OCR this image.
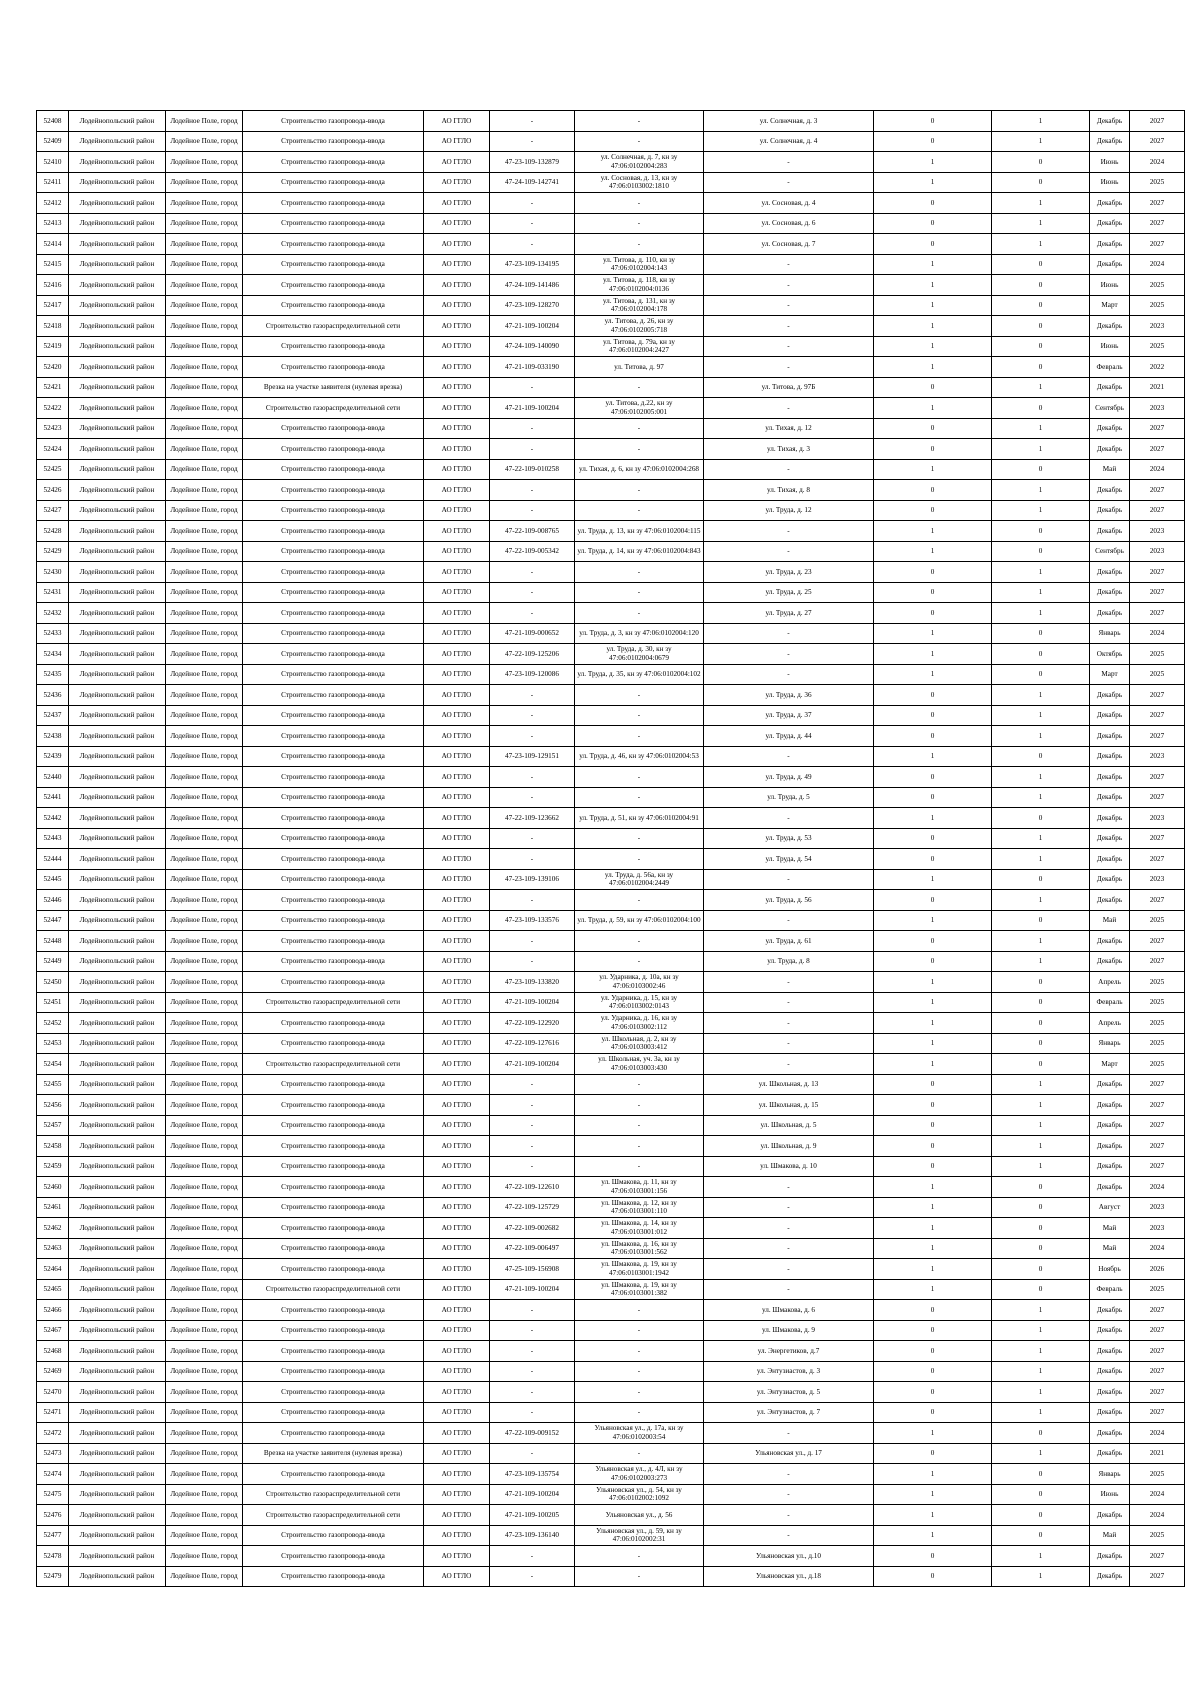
52408	Лодейнопольский район	Лодейное Поле, город	Строительство газопровода-ввода	АО ГГЛО	-	-	ул. Солнечная, д. 3	0	1	Декабрь	2027
52409	Лодейнопольский район	Лодейное Поле, город	Строительство газопровода-ввода	АО ГГЛО	-	-	ул. Солнечная, д. 4	0	1	Декабрь	2027
52410	Лодейнопольский район	Лодейное Поле, город	Строительство газопровода-ввода	АО ГГЛО	47-23-109-132879	ул. Солнечная, д. 7, кн зу 47:06:0102004:283	-	1	0	Июнь	2024
52411	Лодейнопольский район	Лодейное Поле, город	Строительство газопровода-ввода	АО ГГЛО	47-24-109-142741	ул. Сосновая, д. 13, кн зу 47:06:0103002:1810	-	1	0	Июнь	2025
52412	Лодейнопольский район	Лодейное Поле, город	Строительство газопровода-ввода	АО ГГЛО	-	-	ул. Сосновая, д. 4	0	1	Декабрь	2027
52413	Лодейнопольский район	Лодейное Поле, город	Строительство газопровода-ввода	АО ГГЛО	-	-	ул. Сосновая, д. 6	0	1	Декабрь	2027
52414	Лодейнопольский район	Лодейное Поле, город	Строительство газопровода-ввода	АО ГГЛО	-	-	ул. Сосновая, д. 7	0	1	Декабрь	2027
52415	Лодейнопольский район	Лодейное Поле, город	Строительство газопровода-ввода	АО ГГЛО	47-23-109-134195	ул. Титова, д. 110, кн зу 47:06:0102004:143	-	1	0	Декабрь	2024
52416	Лодейнопольский район	Лодейное Поле, город	Строительство газопровода-ввода	АО ГГЛО	47-24-109-141486	ул. Титова, д. 118, кн зу 47:06:0102004:0136	-	1	0	Июнь	2025
52417	Лодейнопольский район	Лодейное Поле, город	Строительство газопровода-ввода	АО ГГЛО	47-23-109-128270	ул. Титова, д. 131, кн зу 47:06:0102004:178	-	1	0	Март	2025
52418	Лодейнопольский район	Лодейное Поле, город	Строительство газораспределительной сети	АО ГГЛО	47-21-109-100204	ул. Титова, д. 26, кн зу 47:06:0102005:718	-	1	0	Декабрь	2023
52419	Лодейнопольский район	Лодейное Поле, город	Строительство газопровода-ввода	АО ГГЛО	47-24-109-140090	ул. Титова, д. 79а, кн зу 47:06:0102004:2427	-	1	0	Июнь	2025
52420	Лодейнопольский район	Лодейное Поле, город	Строительство газопровода-ввода	АО ГГЛО	47-21-109-033190	ул. Титова, д. 97	-	1	0	Февраль	2022
52421	Лодейнопольский район	Лодейное Поле, город	Врезка на участке заявителя (нулевая врезка)	АО ГГЛО	-	-	ул. Титова, д. 97Б	0	1	Декабрь	2021
52422	Лодейнопольский район	Лодейное Поле, город	Строительство газораспределительной сети	АО ГГЛО	47-21-109-100204	ул. Титова, д.22, кн зу 47:06:0102005:001	-	1	0	Сентябрь	2023
52423	Лодейнопольский район	Лодейное Поле, город	Строительство газопровода-ввода	АО ГГЛО	-	-	ул. Тихая, д. 12	0	1	Декабрь	2027
52424	Лодейнопольский район	Лодейное Поле, город	Строительство газопровода-ввода	АО ГГЛО	-	-	ул. Тихая, д. 3	0	1	Декабрь	2027
52425	Лодейнопольский район	Лодейное Поле, город	Строительство газопровода-ввода	АО ГГЛО	47-22-109-010258	ул. Тихая, д. 6, кн зу 47:06:0102004:268	-	1	0	Май	2024
52426	Лодейнопольский район	Лодейное Поле, город	Строительство газопровода-ввода	АО ГГЛО	-	-	ул. Тихая, д. 8	0	1	Декабрь	2027
52427	Лодейнопольский район	Лодейное Поле, город	Строительство газопровода-ввода	АО ГГЛО	-	-	ул. Труда, д. 12	0	1	Декабрь	2027
52428	Лодейнопольский район	Лодейное Поле, город	Строительство газопровода-ввода	АО ГГЛО	47-22-109-008765	ул. Труда, д. 13, кн зу 47:06:0102004:115	-	1	0	Декабрь	2023
52429	Лодейнопольский район	Лодейное Поле, город	Строительство газопровода-ввода	АО ГГЛО	47-22-109-005342	ул. Труда, д. 14, кн зу 47:06:0102004:843	-	1	0	Сентябрь	2023
52430	Лодейнопольский район	Лодейное Поле, город	Строительство газопровода-ввода	АО ГГЛО	-	-	ул. Труда, д. 23	0	1	Декабрь	2027
52431	Лодейнопольский район	Лодейное Поле, город	Строительство газопровода-ввода	АО ГГЛО	-	-	ул. Труда, д. 25	0	1	Декабрь	2027
52432	Лодейнопольский район	Лодейное Поле, город	Строительство газопровода-ввода	АО ГГЛО	-	-	ул. Труда, д. 27	0	1	Декабрь	2027
52433	Лодейнопольский район	Лодейное Поле, город	Строительство газопровода-ввода	АО ГГЛО	47-21-109-000652	ул. Труда, д. 3, кн зу 47:06:0102004:120	-	1	0	Январь	2024
52434	Лодейнопольский район	Лодейное Поле, город	Строительство газопровода-ввода	АО ГГЛО	47-22-109-125206	ул. Труда, д. 30, кн зу 47:06:0102004:0679	-	1	0	Октябрь	2025
52435	Лодейнопольский район	Лодейное Поле, город	Строительство газопровода-ввода	АО ГГЛО	47-23-109-120086	ул. Труда, д. 35, кн зу 47:06:0102004:102	-	1	0	Март	2025
52436	Лодейнопольский район	Лодейное Поле, город	Строительство газопровода-ввода	АО ГГЛО	-	-	ул. Труда, д. 36	0	1	Декабрь	2027
52437	Лодейнопольский район	Лодейное Поле, город	Строительство газопровода-ввода	АО ГГЛО	-	-	ул. Труда, д. 37	0	1	Декабрь	2027
52438	Лодейнопольский район	Лодейное Поле, город	Строительство газопровода-ввода	АО ГГЛО	-	-	ул. Труда, д. 44	0	1	Декабрь	2027
52439	Лодейнопольский район	Лодейное Поле, город	Строительство газопровода-ввода	АО ГГЛО	47-23-109-129151	ул. Труда, д. 46, кн зу 47:06:0102004:53	-	1	0	Декабрь	2023
52440	Лодейнопольский район	Лодейное Поле, город	Строительство газопровода-ввода	АО ГГЛО	-	-	ул. Труда, д. 49	0	1	Декабрь	2027
52441	Лодейнопольский район	Лодейное Поле, город	Строительство газопровода-ввода	АО ГГЛО	-	-	ул. Труда, д. 5	0	1	Декабрь	2027
52442	Лодейнопольский район	Лодейное Поле, город	Строительство газопровода-ввода	АО ГГЛО	47-22-109-123662	ул. Труда, д. 51, кн зу 47:06:0102004:91	-	1	0	Декабрь	2023
52443	Лодейнопольский район	Лодейное Поле, город	Строительство газопровода-ввода	АО ГГЛО	-	-	ул. Труда, д. 53	0	1	Декабрь	2027
52444	Лодейнопольский район	Лодейное Поле, город	Строительство газопровода-ввода	АО ГГЛО	-	-	ул. Труда, д. 54	0	1	Декабрь	2027
52445	Лодейнопольский район	Лодейное Поле, город	Строительство газопровода-ввода	АО ГГЛО	47-23-109-139106	ул. Труда, д. 56а, кн зу 47:06:0102004:2449	-	1	0	Декабрь	2023
52446	Лодейнопольский район	Лодейное Поле, город	Строительство газопровода-ввода	АО ГГЛО	-	-	ул. Труда, д. 56	0	1	Декабрь	2027
52447	Лодейнопольский район	Лодейное Поле, город	Строительство газопровода-ввода	АО ГГЛО	47-23-109-133576	ул. Труда, д. 59, кн зу 47:06:0102004:100	-	1	0	Май	2025
52448	Лодейнопольский район	Лодейное Поле, город	Строительство газопровода-ввода	АО ГГЛО	-	-	ул. Труда, д. 61	0	1	Декабрь	2027
52449	Лодейнопольский район	Лодейное Поле, город	Строительство газопровода-ввода	АО ГГЛО	-	-	ул. Труда, д. 8	0	1	Декабрь	2027
52450	Лодейнопольский район	Лодейное Поле, город	Строительство газопровода-ввода	АО ГГЛО	47-23-109-133820	ул. Ударника, д. 10а, кн зу 47:06:0103002:46	-	1	0	Апрель	2025
52451	Лодейнопольский район	Лодейное Поле, город	Строительство газораспределительной сети	АО ГГЛО	47-21-109-100204	ул. Ударника, д. 15, кн зу 47:06:0103002:0143	-	1	0	Февраль	2025
52452	Лодейнопольский район	Лодейное Поле, город	Строительство газопровода-ввода	АО ГГЛО	47-22-109-122920	ул. Ударника, д. 16, кн зу 47:06:0103002:112	-	1	0	Апрель	2025
52453	Лодейнопольский район	Лодейное Поле, город	Строительство газопровода-ввода	АО ГГЛО	47-22-109-127616	ул. Школьная, д. 2, кн зу 47:06:0103003:412	-	1	0	Январь	2025
52454	Лодейнопольский район	Лодейное Поле, город	Строительство газораспределительной сети	АО ГГЛО	47-21-109-100204	ул. Школьная, уч. 3а, кн зу 47:06:0103003:430	-	1	0	Март	2025
52455	Лодейнопольский район	Лодейное Поле, город	Строительство газопровода-ввода	АО ГГЛО	-	-	ул. Школьная, д. 13	0	1	Декабрь	2027
52456	Лодейнопольский район	Лодейное Поле, город	Строительство газопровода-ввода	АО ГГЛО	-	-	ул. Школьная, д. 15	0	1	Декабрь	2027
52457	Лодейнопольский район	Лодейное Поле, город	Строительство газопровода-ввода	АО ГГЛО	-	-	ул. Школьная, д. 5	0	1	Декабрь	2027
52458	Лодейнопольский район	Лодейное Поле, город	Строительство газопровода-ввода	АО ГГЛО	-	-	ул. Школьная, д. 9	0	1	Декабрь	2027
52459	Лодейнопольский район	Лодейное Поле, город	Строительство газопровода-ввода	АО ГГЛО	-	-	ул. Шмакова, д. 10	0	1	Декабрь	2027
52460	Лодейнопольский район	Лодейное Поле, город	Строительство газопровода-ввода	АО ГГЛО	47-22-109-122610	ул. Шмакова, д. 11, кн зу 47:06:0103001:156	-	1	0	Декабрь	2024
52461	Лодейнопольский район	Лодейное Поле, город	Строительство газопровода-ввода	АО ГГЛО	47-22-109-125729	ул. Шмакова, д. 12, кн зу 47:06:0103001:110	-	1	0	Август	2023
52462	Лодейнопольский район	Лодейное Поле, город	Строительство газопровода-ввода	АО ГГЛО	47-22-109-002682	ул. Шмакова, д. 14, кн зу 47:06:0103001:012	-	1	0	Май	2023
52463	Лодейнопольский район	Лодейное Поле, город	Строительство газопровода-ввода	АО ГГЛО	47-22-109-006497	ул. Шмакова, д. 16, кн зу 47:06:0103001:562	-	1	0	Май	2024
52464	Лодейнопольский район	Лодейное Поле, город	Строительство газопровода-ввода	АО ГГЛО	47-25-109-156908	ул. Шмакова, д. 19, кн зу 47:06:0103001:1942	-	1	0	Ноябрь	2026
52465	Лодейнопольский район	Лодейное Поле, город	Строительство газораспределительной сети	АО ГГЛО	47-21-109-100204	ул. Шмакова, д. 19, кн зу 47:06:0103001:382	-	1	0	Февраль	2025
52466	Лодейнопольский район	Лодейное Поле, город	Строительство газопровода-ввода	АО ГГЛО	-	-	ул. Шмакова, д. 6	0	1	Декабрь	2027
52467	Лодейнопольский район	Лодейное Поле, город	Строительство газопровода-ввода	АО ГГЛО	-	-	ул. Шмакова, д. 9	0	1	Декабрь	2027
52468	Лодейнопольский район	Лодейное Поле, город	Строительство газопровода-ввода	АО ГГЛО	-	-	ул. Энергетиков, д.7	0	1	Декабрь	2027
52469	Лодейнопольский район	Лодейное Поле, город	Строительство газопровода-ввода	АО ГГЛО	-	-	ул. Энтузиастов, д. 3	0	1	Декабрь	2027
52470	Лодейнопольский район	Лодейное Поле, город	Строительство газопровода-ввода	АО ГГЛО	-	-	ул. Энтузиастов, д. 5	0	1	Декабрь	2027
52471	Лодейнопольский район	Лодейное Поле, город	Строительство газопровода-ввода	АО ГГЛО	-	-	ул. Энтузиастов, д. 7	0	1	Декабрь	2027
52472	Лодейнопольский район	Лодейное Поле, город	Строительство газопровода-ввода	АО ГГЛО	47-22-109-009152	Ульяновская ул., д. 17а, кн зу 47:06:0102003:54	-	1	0	Декабрь	2024
52473	Лодейнопольский район	Лодейное Поле, город	Врезка на участке заявителя (нулевая врезка)	АО ГГЛО	-	-	Ульяновская ул., д. 17	0	1	Декабрь	2021
52474	Лодейнопольский район	Лодейное Поле, город	Строительство газопровода-ввода	АО ГГЛО	47-23-109-135754	Ульяновская ул., д. 4Л, кн зу 47:06:0102003:273	-	1	0	Январь	2025
52475	Лодейнопольский район	Лодейное Поле, город	Строительство газораспределительной сети	АО ГГЛО	47-21-109-100204	Ульяновская ул., д. 54, кн зу 47:06:0102002:1092	-	1	0	Июнь	2024
52476	Лодейнопольский район	Лодейное Поле, город	Строительство газораспределительной сети	АО ГГЛО	47-21-109-100205	Ульяновская ул., д. 56	-	1	0	Декабрь	2024
52477	Лодейнопольский район	Лодейное Поле, город	Строительство газопровода-ввода	АО ГГЛО	47-23-109-136140	Ульяновская ул., д. 59, кн зу 47:06:0102002:31	-	1	0	Май	2025
52478	Лодейнопольский район	Лодейное Поле, город	Строительство газопровода-ввода	АО ГГЛО	-	-	Ульяновская ул., д.10	0	1	Декабрь	2027
52479	Лодейнопольский район	Лодейное Поле, город	Строительство газопровода-ввода	АО ГГЛО	-	-	Ульяновская ул., д.18	0	1	Декабрь	2027
